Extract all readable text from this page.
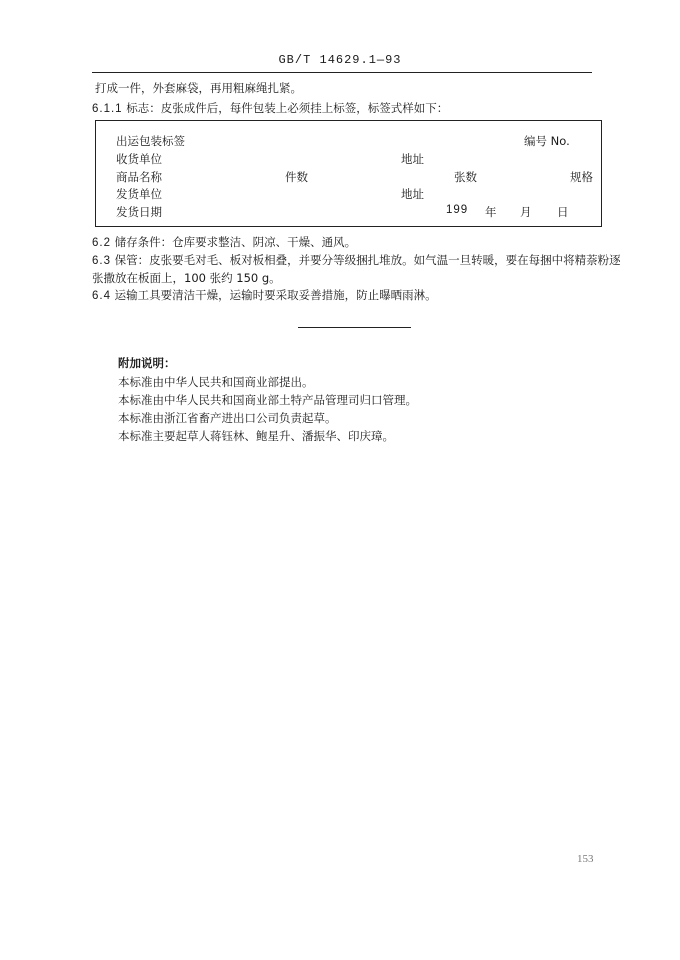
GB/T 14629.1—93
打成一件，外套麻袋，再用粗麻绳扎紧。
6.1.1 标志：皮张成件后，每件包装上必须挂上标签，标签式样如下：
出运包装标签	编号 No.
收货单位	地址
商品名称	件数	张数	规格
发货单位	地址
发货日期	199 年 月 日
6.2 储存条件：仓库要求整洁、阴凉、干燥、通风。
6.3 保管：皮张要毛对毛、板对板相叠，并要分等级捆扎堆放。如气温一旦转暖，要在每捆中将精萘粉逐
张撒放在板面上，100 张约 150 g。
6.4 运输工具要清洁干燥，运输时要采取妥善措施，防止曝晒雨淋。
附加说明：
本标准由中华人民共和国商业部提出。
本标准由中华人民共和国商业部土特产品管理司归口管理。
本标准由浙江省畜产进出口公司负责起草。
本标准主要起草人蒋钰林、鲍星升、潘振华、印庆璋。
153
